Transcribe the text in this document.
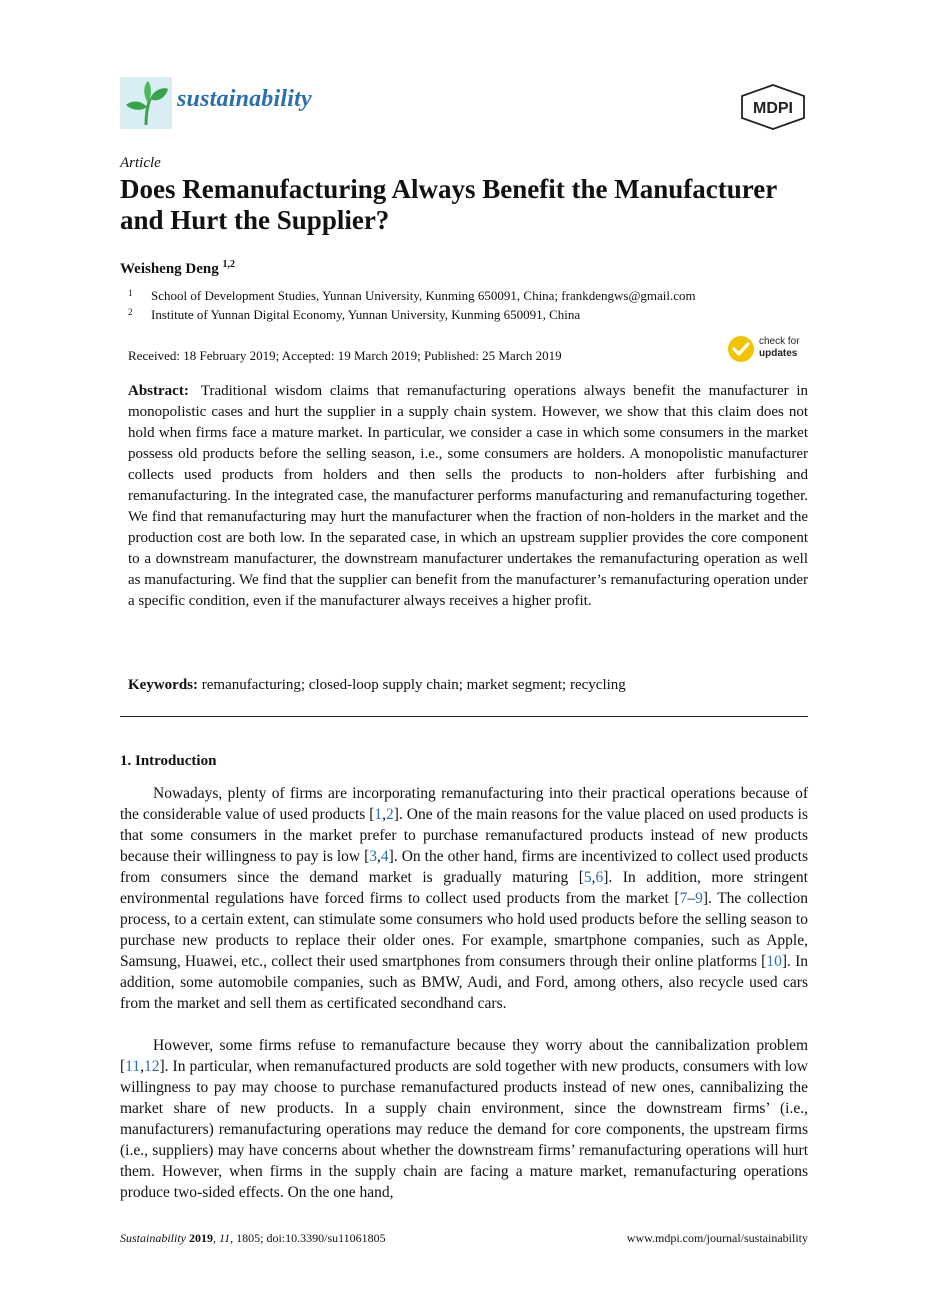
sustainability	MDPI
Article
Does Remanufacturing Always Benefit the Manufacturer and Hurt the Supplier?
Weisheng Deng $^{1,2}$
1 School of Development Studies, Yunnan University, Kunming 650091, China; frankdengws@gmail.com
2 Institute of Yunnan Digital Economy, Yunnan University, Kunming 650091, China
Received: 18 February 2019; Accepted: 19 March 2019; Published: 25 March 2019
check for
updates

Abstract: Traditional wisdom claims that remanufacturing operations always benefit the manufacturer in monopolistic cases and hurt the supplier in a supply chain system. However, we show that this claim does not hold when firms face a mature market. In particular, we consider a case in which some consumers in the market possess old products before the selling season, i.e., some consumers are holders. A monopolistic manufacturer collects used products from holders and then sells the products to non-holders after furbishing and remanufacturing. In the integrated case, the manufacturer performs manufacturing and remanufacturing together. We find that remanufacturing may hurt the manufacturer when the fraction of non-holders in the market and the production cost are both low. In the separated case, in which an upstream supplier provides the core component to a downstream manufacturer, the downstream manufacturer undertakes the remanufacturing operation as well as manufacturing. We find that the supplier can benefit from the manufacturer’s remanufacturing operation under a specific condition, even if the manufacturer always receives a higher profit.

Keywords: remanufacturing; closed-loop supply chain; market segment; recycling

1. Introduction

Nowadays, plenty of firms are incorporating remanufacturing into their practical operations because of the considerable value of used products [1,2]. One of the main reasons for the value placed on used products is that some consumers in the market prefer to purchase remanufactured products instead of new products because their willingness to pay is low [3,4]. On the other hand, firms are incentivized to collect used products from consumers since the demand market is gradually maturing [5,6]. In addition, more stringent environmental regulations have forced firms to collect used products from the market [7–9]. The collection process, to a certain extent, can stimulate some consumers who hold used products before the selling season to purchase new products to replace their older ones. For example, smartphone companies, such as Apple, Samsung, Huawei, etc., collect their used smartphones from consumers through their online platforms [10]. In addition, some automobile companies, such as BMW, Audi, and Ford, among others, also recycle used cars from the market and sell them as certificated secondhand cars.

However, some firms refuse to remanufacture because they worry about the cannibalization problem [11,12]. In particular, when remanufactured products are sold together with new products, consumers with low willingness to pay may choose to purchase remanufactured products instead of new ones, cannibalizing the market share of new products. In a supply chain environment, since the downstream firms’ (i.e., manufacturers) remanufacturing operations may reduce the demand for core components, the upstream firms (i.e., suppliers) may have concerns about whether the downstream firms’ remanufacturing operations will hurt them. However, when firms in the supply chain are facing a mature market, remanufacturing operations produce two-sided effects. On the one hand,

Sustainability 2019, 11, 1805; doi:10.3390/su11061805	www.mdpi.com/journal/sustainability
